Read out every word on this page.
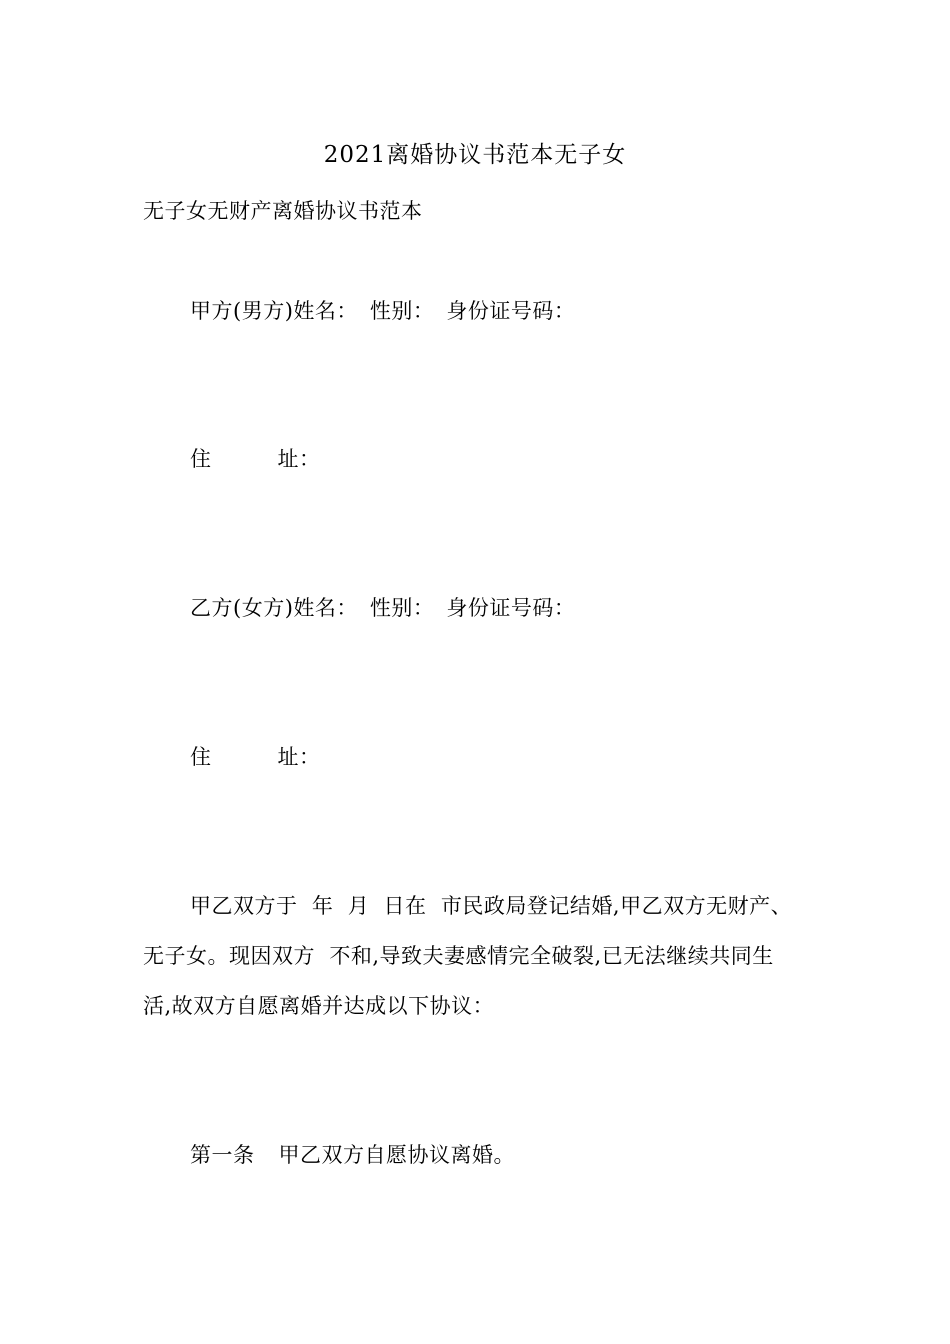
2021离婚协议书范本无子女
无子女无财产离婚协议书范本
甲方(男方)姓名： 性别： 身份证号码：
住	址：
乙方(女方)姓名： 性别： 身份证号码：
住	址：
甲乙双方于  年  月  日在  市民政局登记结婚,甲乙双方无财产、
无子女。现因双方  不和,导致夫妻感情完全破裂,已无法继续共同生
活,故双方自愿离婚并达成以下协议：
第一条 甲乙双方自愿协议离婚。
